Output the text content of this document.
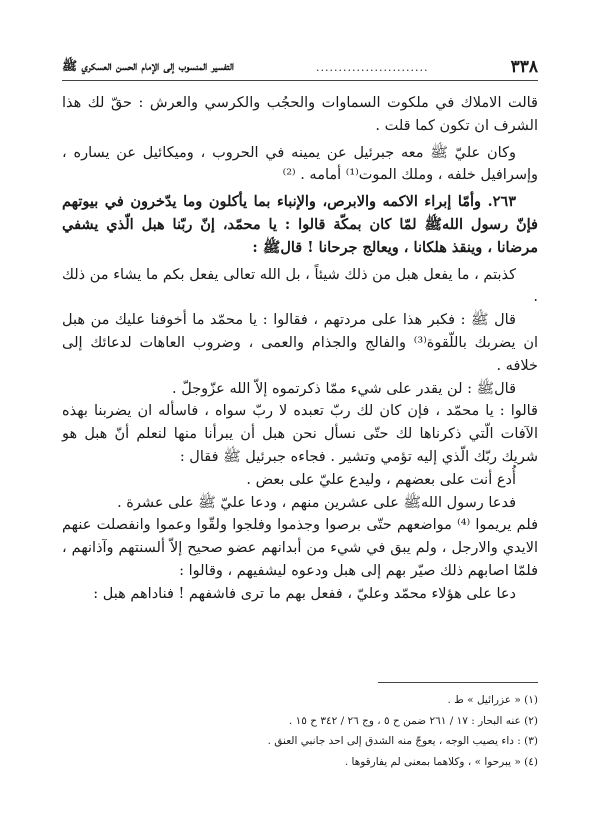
٣٣٨
.........................
التفسير المنسوب إلى الإمام الحسن العسكري ﷺ

قالت الاملاك في ملكوت السماوات والحجُب والكرسي والعرش : حقّ لك هذا الشرف ان تكون كما قلت .

وكان عليّ ﷺ معه جبرئيل عن يمينه في الحروب ، وميكائيل عن يساره ، وإسرافيل خلفه ، وملك الموت⁽¹⁾ أمامه . ⁽²⁾

٢٦٣. وأمّا إبراء الاكمه والابرص، والإنباء بما يأكلون وما يدّخرون في بيوتهم فإنّ رسول اللهﷺ لمّا كان بمكّة قالوا : يا محمّد، إنّ ربّنا هبل الّذي يشفي مرضانا ، وينقذ هلكانا ، ويعالج جرحانا ! قالﷺ :

كذبتم ، ما يفعل هبل من ذلك شيئاً ، بل الله تعالى يفعل بكم ما يشاء من ذلك .

قال ﷺ : فكبر هذا على مردتهم ، فقالوا : يا محمّد ما أخوفنا عليك من هبل ان يضربك باللّقوة⁽³⁾ والفالج والجذام والعمى ، وضروب العاهات لدعائك إلى خلافه .

قالﷺ : لن يقدر على شيء ممّا ذكرتموه إلاّ الله عزّوجلّ .

قالوا : يا محمّد ، فإن كان لك ربّ تعبده لا ربّ سواه ، فاسأله ان يضربنا بهذه الآفات الّتي ذكرناها لك حتّى نسأل نحن هبل أن يبرأنا منها لنعلم أنّ هبل هو شريك ربّك الّذي إليه تؤمي وتشير . فجاءه جبرئيل ﷺ فقال :

أُدع أنت على بعضهم ، وليدع عليّ على بعض .

فدعا رسول اللهﷺ على عشرين منهم ، ودعا عليّ ﷺ على عشرة .

فلم يريموا ⁽⁴⁾ مواضعهم حتّى برصوا وجذموا وفلجوا ولقّوا وعموا وانفصلت عنهم الايدي والارجل ، ولم يبق في شيء من أبدانهم عضو صحيح إلاّ ألسنتهم وآذانهم ، فلمّا اصابهم ذلك صيّر بهم إلى هبل ودعوه ليشفيهم ، وقالوا :

دعا على هؤلاء محمّد وعليّ ، ففعل بهم ما ترى فاشفهم ! فناداهم هبل :

(١) « عزرائيل » ط .

(٢) عنه البحار : ١٧ / ٢٦١ ضمن ح ٥ ، وج ٢٦ / ٣٤٢ ح ١٥ .

(٣) : داء يصيب الوجه ، يعوجّ منه الشدق إلى احد جانبي العنق .

(٤) « يبرحوا » ، وكلاهما بمعنى لم يفارقوها .
